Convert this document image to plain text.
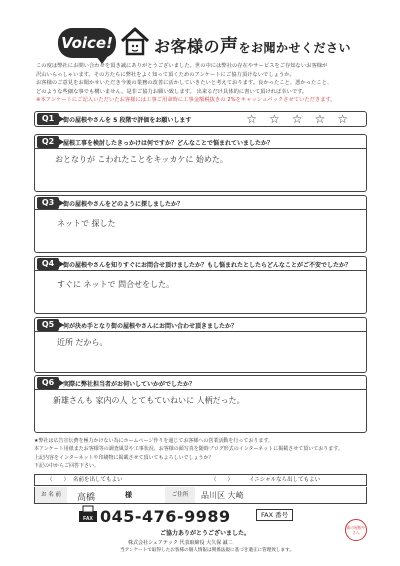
Voice!	お客様の声をお聞かせください
この度は弊社にお問い合わせを頂き誠にありがとうございました。世の中には弊社の存在やサービスをご存知ないお客様が
沢山いらっしゃいます。その方たちに弊社をよく知って頂くためのアンケートにご協力頂けないでしょうか。
お客様のご意見をお聞かせいただき今後の業務の改善に活かしていきたいと考えております。良かったこと、悪かったこと、
どのような些細な事でも構いません。是非ご協力お願い致します。 出来るだけ具体的に書いて頂ければ幸いです。
※本アンケートにご記入いただいたお客様には工事ご用命時に工事金額税抜きの 2%をキャッシュバックさせていただきます。
Q1	街の屋根やさんを 5 段階で評価をお願いします	☆☆☆☆☆
Q2	屋根工事を検討したきっかけは何ですか？どんなことで悩まれていましたか？
おとなりが こわれたことをキッカケに 始めた。
Q3	街の屋根やさんをどのように探しましたか？
ネットで 探した
Q4	街の屋根やさんを知りすぐにお問合せ頂けましたか？もし悩まれたとしたらどんなことがご不安でしたか？
すぐに ネットで 問合せをした。
Q5	何が決め手となり街の屋根やさんにお問い合わせ頂きましたか？
近所 だから。
Q6	実際に弊社担当者がお伺いしていかがでしたか？
新雄さんも 家内の人 とてもていねいに 人柄だった。
★弊社は広告宣伝費を極力かけない為にホームページ作りを通じてお客様への営業活動を行っております。
本アンケート用紙またお客様等の調査風景や工事状況、お客様の顔写真を随時ブログ形式のインターネットに掲載させて頂いております。
上記内容をインターネットや印刷物に掲載させて頂いてもよろしいでしょうか？
下記の中からご回答下さい。
（　　） 名前を出してもよい	（　　）	イニシャルなら出してもよい
お 名 前	高橋	様	ご住所	品川区 大崎
FAX 045-476-9989	FAX 番号
ご協力ありがとうございました。
株式会社シェアテック 代表取締役 大久保 誠二
当アンケートで取得したお客様の個人情報は関係法規に基づき適正に管理致します。
街の屋根やさん
